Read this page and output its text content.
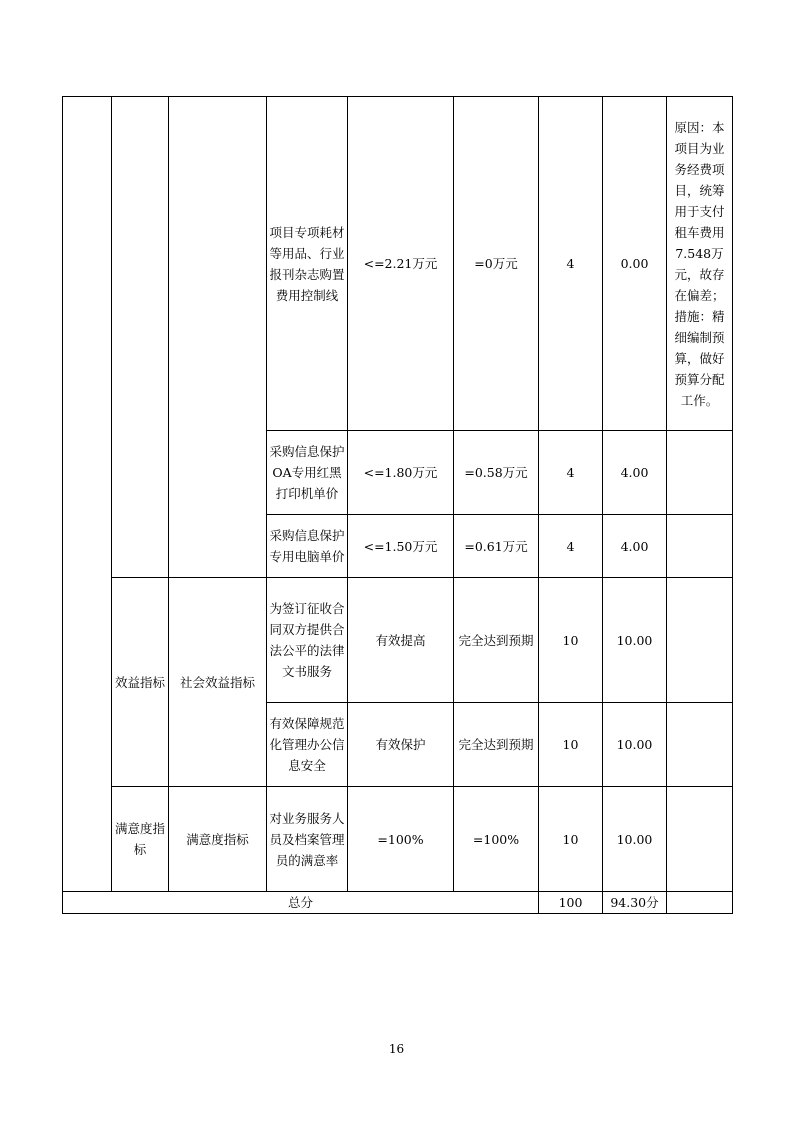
			项目专项耗材等用品、行业报刊杂志购置费用控制线	<=2.21万元	=0万元	4	0.00	原因：本项目为业务经费项目，统筹用于支付租车费用7.548万元，故存在偏差；措施：精细编制预算，做好预算分配工作。
			采购信息保护OA专用红黑打印机单价	<=1.80万元	=0.58万元	4	4.00	
			采购信息保护专用电脑单价	<=1.50万元	=0.61万元	4	4.00	
	效益指标	社会效益指标	为签订征收合同双方提供合法公平的法律文书服务	有效提高	完全达到预期	10	10.00	
			有效保障规范化管理办公信息安全	有效保护	完全达到预期	10	10.00	
	满意度指标	满意度指标	对业务服务人员及档案管理员的满意率	=100%	=100%	10	10.00	
总分						100	94.30分	
16
